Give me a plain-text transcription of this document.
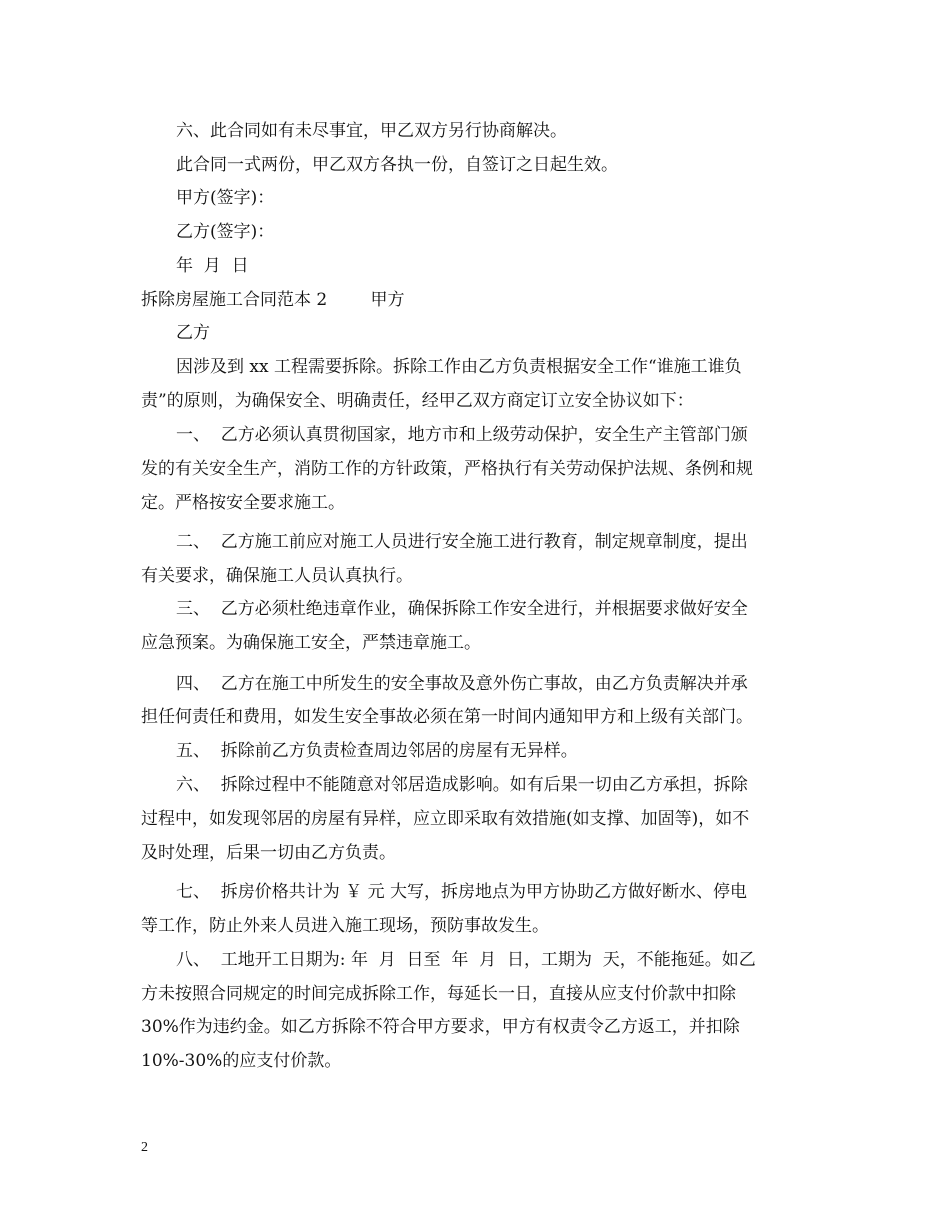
六、此合同如有未尽事宜，甲乙双方另行协商解决。
此合同一式两份，甲乙双方各执一份，自签订之日起生效。
甲方(签字)：
乙方(签字)：
年  月  日
拆除房屋施工合同范本 2        甲方
乙方
因涉及到 xx 工程需要拆除。拆除工作由乙方负责根据安全工作“谁施工谁负
责”的原则，为确保安全、明确责任，经甲乙双方商定订立安全协议如下：
一、  乙方必须认真贯彻国家，地方市和上级劳动保护，安全生产主管部门颁
发的有关安全生产，消防工作的方针政策，严格执行有关劳动保护法规、条例和规
定。严格按安全要求施工。
二、  乙方施工前应对施工人员进行安全施工进行教育，制定规章制度，提出
有关要求，确保施工人员认真执行。
三、  乙方必须杜绝违章作业，确保拆除工作安全进行，并根据要求做好安全
应急预案。为确保施工安全，严禁违章施工。
四、  乙方在施工中所发生的安全事故及意外伤亡事故，由乙方负责解决并承
担任何责任和费用，如发生安全事故必须在第一时间内通知甲方和上级有关部门。
五、  拆除前乙方负责检查周边邻居的房屋有无异样。
六、  拆除过程中不能随意对邻居造成影响。如有后果一切由乙方承担，拆除
过程中，如发现邻居的房屋有异样，应立即采取有效措施(如支撑、加固等)，如不
及时处理，后果一切由乙方负责。
七、  拆房价格共计为 ￥ 元 大写，拆房地点为甲方协助乙方做好断水、停电
等工作，防止外来人员进入施工现场，预防事故发生。
八、  工地开工日期为: 年  月  日至  年  月  日，工期为  天，不能拖延。如乙
方未按照合同规定的时间完成拆除工作，每延长一日，直接从应支付价款中扣除
30%作为违约金。如乙方拆除不符合甲方要求，甲方有权责令乙方返工，并扣除
10%-30%的应支付价款。
2
